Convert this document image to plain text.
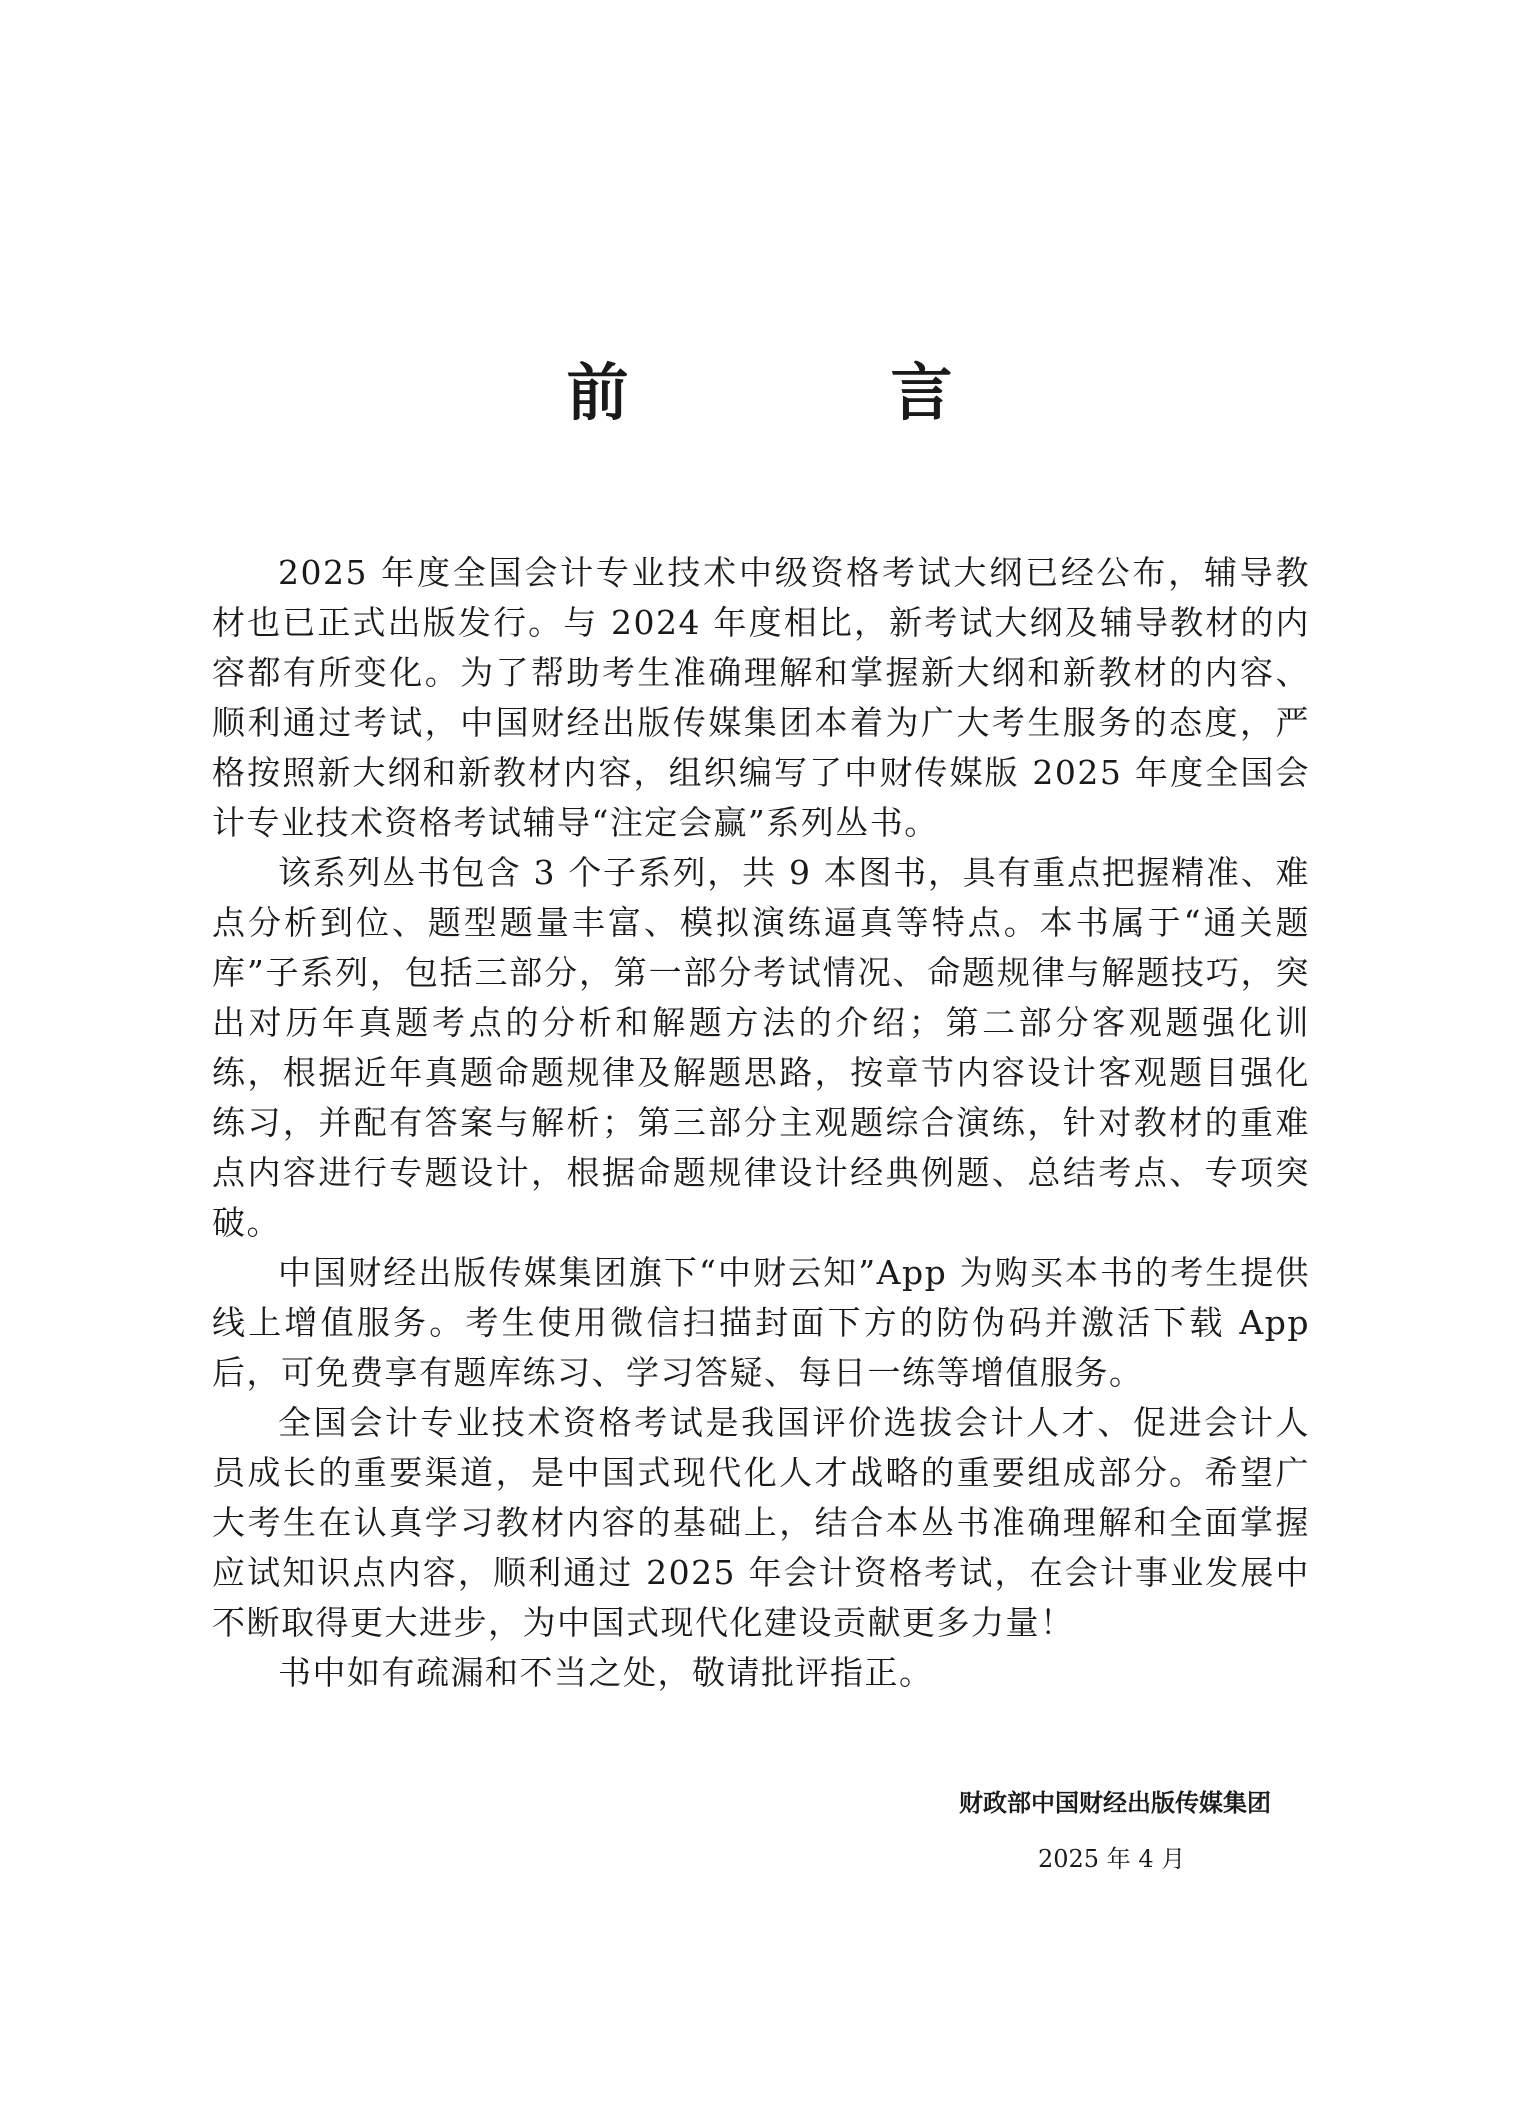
前　言

2025 年度全国会计专业技术中级资格考试大纲已经公布，辅导教材也已正式出版发行。与 2024 年度相比，新考试大纲及辅导教材的内容都有所变化。为了帮助考生准确理解和掌握新大纲和新教材的内容、顺利通过考试，中国财经出版传媒集团本着为广大考生服务的态度，严格按照新大纲和新教材内容，组织编写了中财传媒版 2025 年度全国会计专业技术资格考试辅导“注定会赢”系列丛书。

该系列丛书包含 3 个子系列，共 9 本图书，具有重点把握精准、难点分析到位、题型题量丰富、模拟演练逼真等特点。本书属于“通关题库”子系列，包括三部分，第一部分考试情况、命题规律与解题技巧，突出对历年真题考点的分析和解题方法的介绍；第二部分客观题强化训练，根据近年真题命题规律及解题思路，按章节内容设计客观题目强化练习，并配有答案与解析；第三部分主观题综合演练，针对教材的重难点内容进行专题设计，根据命题规律设计经典例题、总结考点、专项突破。

中国财经出版传媒集团旗下“中财云知”App 为购买本书的考生提供线上增值服务。考生使用微信扫描封面下方的防伪码并激活下载 App 后，可免费享有题库练习、学习答疑、每日一练等增值服务。

全国会计专业技术资格考试是我国评价选拔会计人才、促进会计人员成长的重要渠道，是中国式现代化人才战略的重要组成部分。希望广大考生在认真学习教材内容的基础上，结合本丛书准确理解和全面掌握应试知识点内容，顺利通过 2025 年会计资格考试，在会计事业发展中不断取得更大进步，为中国式现代化建设贡献更多力量！

书中如有疏漏和不当之处，敬请批评指正。

财政部中国财经出版传媒集团
2025 年 4 月
